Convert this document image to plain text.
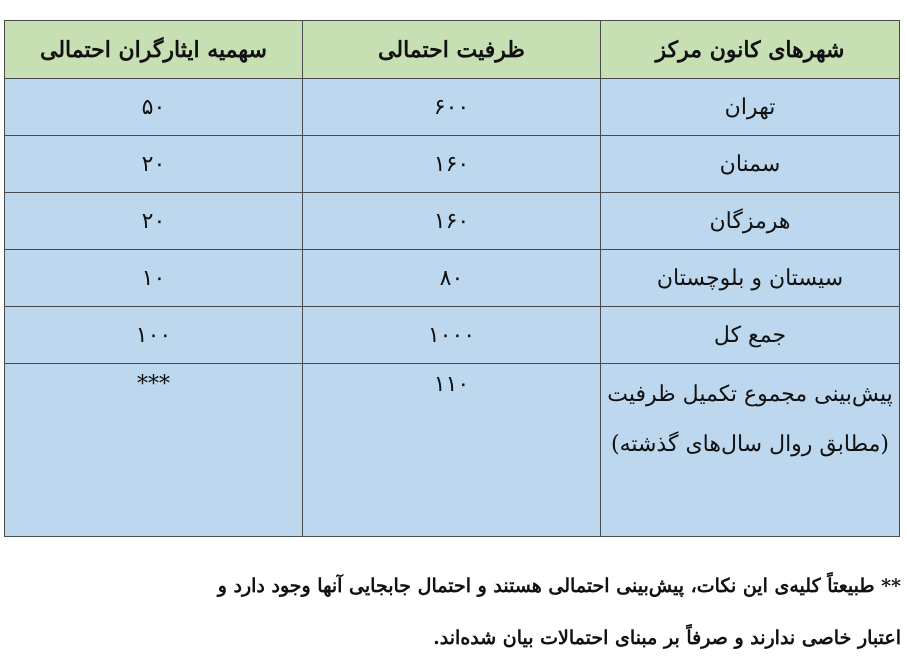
شهرهای کانون مرکز	ظرفیت احتمالی	سهمیه ایثارگران احتمالی
تهران	۶۰۰	۵۰
سمنان	۱۶۰	۲۰
هرمزگان	۱۶۰	۲۰
سیستان و بلوچستان	۸۰	۱۰
جمع کل	۱۰۰۰	۱۰۰
پیش‌بینی مجموع تکمیل ظرفیت (مطابق روال سال‌های گذشته)	۱۱۰	***

** طبیعتاً کلیه‌ی این نکات، پیش‌بینی احتمالی هستند و احتمال جابجایی آنها وجود دارد و

اعتبار خاصی ندارند و صرفاً بر مبنای احتمالات بیان شده‌اند.
